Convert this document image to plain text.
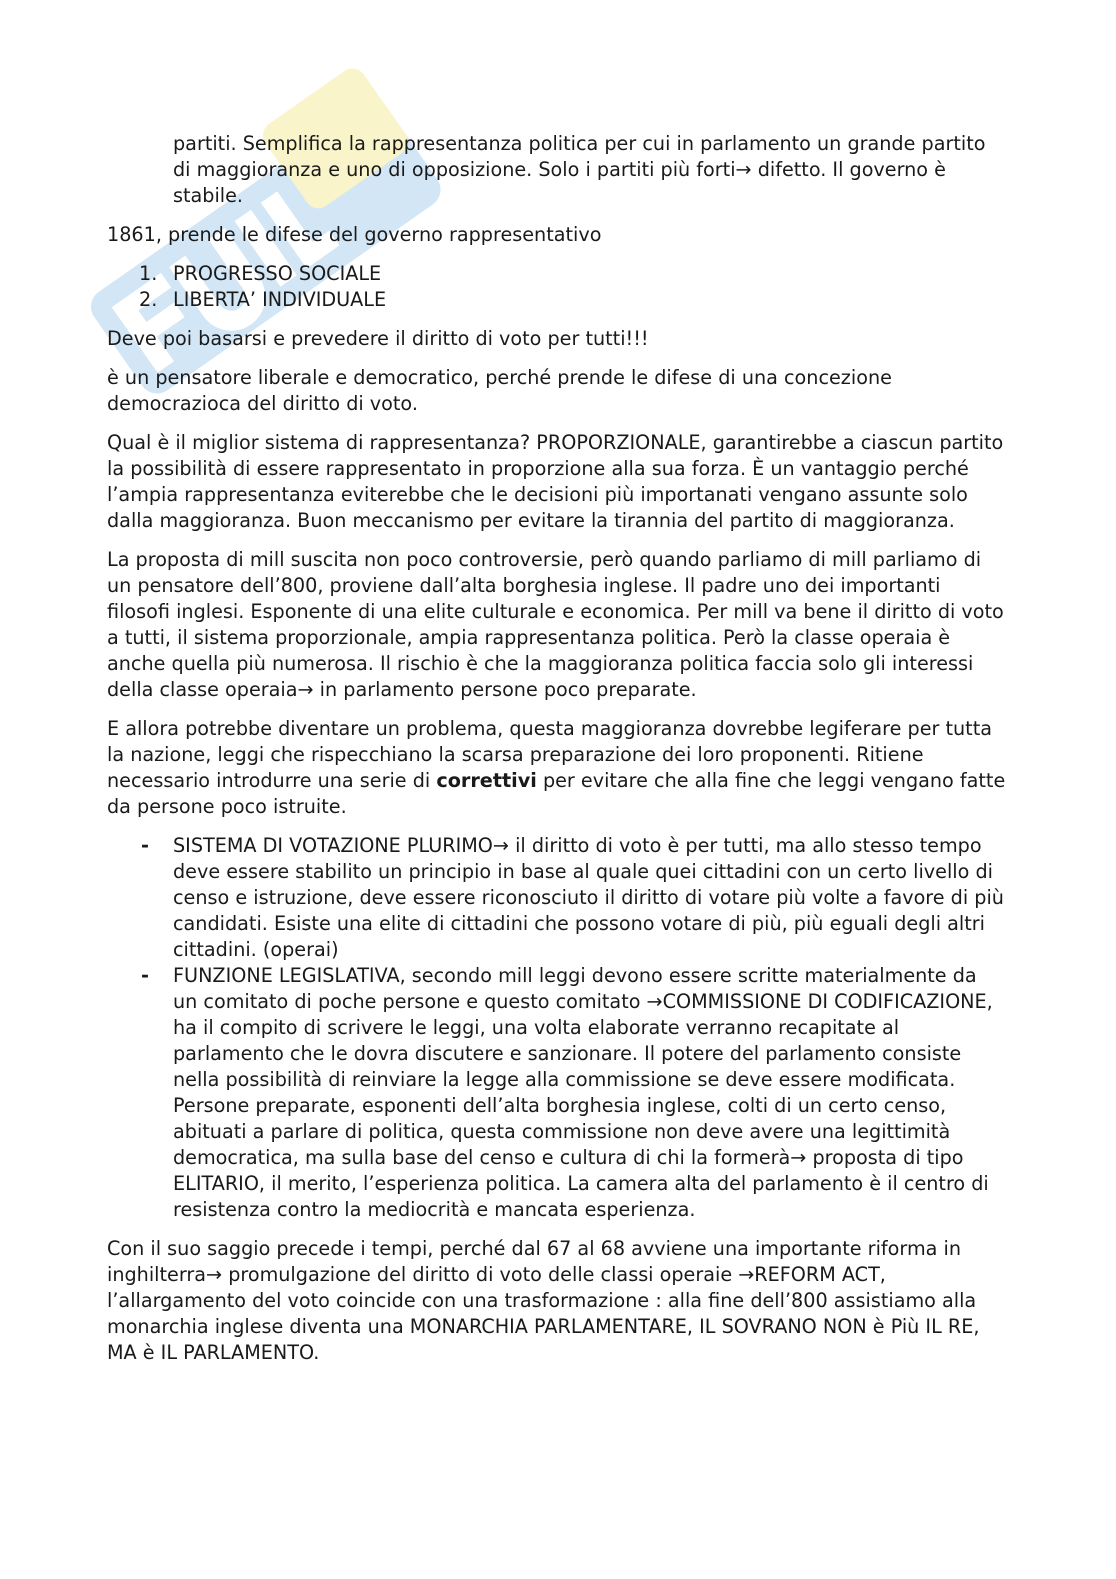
partiti. Semplifica la rappresentanza politica per cui in parlamento un grande partito di maggioranza e uno di opposizione. Solo i partiti più forti→ difetto. Il governo è stabile.

1861, prende le difese del governo rappresentativo

1. PROGRESSO SOCIALE
2. LIBERTA’ INDIVIDUALE

Deve poi basarsi e prevedere il diritto di voto per tutti!!!

è un pensatore liberale e democratico, perché prende le difese di una concezione democrazioca del diritto di voto.

Qual è il miglior sistema di rappresentanza? PROPORZIONALE, garantirebbe a ciascun partito la possibilità di essere rappresentato in proporzione alla sua forza. È un vantaggio perché l’ampia rappresentanza eviterebbe che le decisioni più importanati vengano assunte solo dalla maggioranza. Buon meccanismo per evitare la tirannia del partito di maggioranza.

La proposta di mill suscita non poco controversie, però quando parliamo di mill parliamo di un pensatore dell’800, proviene dall’alta borghesia inglese. Il padre uno dei importanti filosofi inglesi. Esponente di una elite culturale e economica. Per mill va bene il diritto di voto a tutti, il sistema proporzionale, ampia rappresentanza politica. Però la classe operaia è anche quella più numerosa. Il rischio è che la maggioranza politica faccia solo gli interessi della classe operaia→ in parlamento persone poco preparate.

E allora potrebbe diventare un problema, questa maggioranza dovrebbe legiferare per tutta la nazione, leggi che rispecchiano la scarsa preparazione dei loro proponenti. Ritiene necessario introdurre una serie di correttivi per evitare che alla fine che leggi vengano fatte da persone poco istruite.

- SISTEMA DI VOTAZIONE PLURIMO→ il diritto di voto è per tutti, ma allo stesso tempo deve essere stabilito un principio in base al quale quei cittadini con un certo livello di censo e istruzione, deve essere riconosciuto il diritto di votare più volte a favore di più candidati. Esiste una elite di cittadini che possono votare di più, più eguali degli altri cittadini. (operai)
- FUNZIONE LEGISLATIVA, secondo mill leggi devono essere scritte materialmente da un comitato di poche persone e questo comitato →COMMISSIONE DI CODIFICAZIONE, ha il compito di scrivere le leggi, una volta elaborate verranno recapitate al parlamento che le dovra discutere e sanzionare. Il potere del parlamento consiste nella possibilità di reinviare la legge alla commissione se deve essere modificata. Persone preparate, esponenti dell’alta borghesia inglese, colti di un certo censo, abituati a parlare di politica, questa commissione non deve avere una legittimità democratica, ma sulla base del censo e cultura di chi la formerà→ proposta di tipo ELITARIO, il merito, l’esperienza politica. La camera alta del parlamento è il centro di resistenza contro la mediocrità e mancata esperienza.

Con il suo saggio precede i tempi, perché dal 67 al 68 avviene una importante riforma in inghilterra→ promulgazione del diritto di voto delle classi operaie →REFORM ACT, l’allargamento del voto coincide con una trasformazione : alla fine dell’800 assistiamo alla monarchia inglese diventa una MONARCHIA PARLAMENTARE, IL SOVRANO NON è Più IL RE, MA è IL PARLAMENTO.
